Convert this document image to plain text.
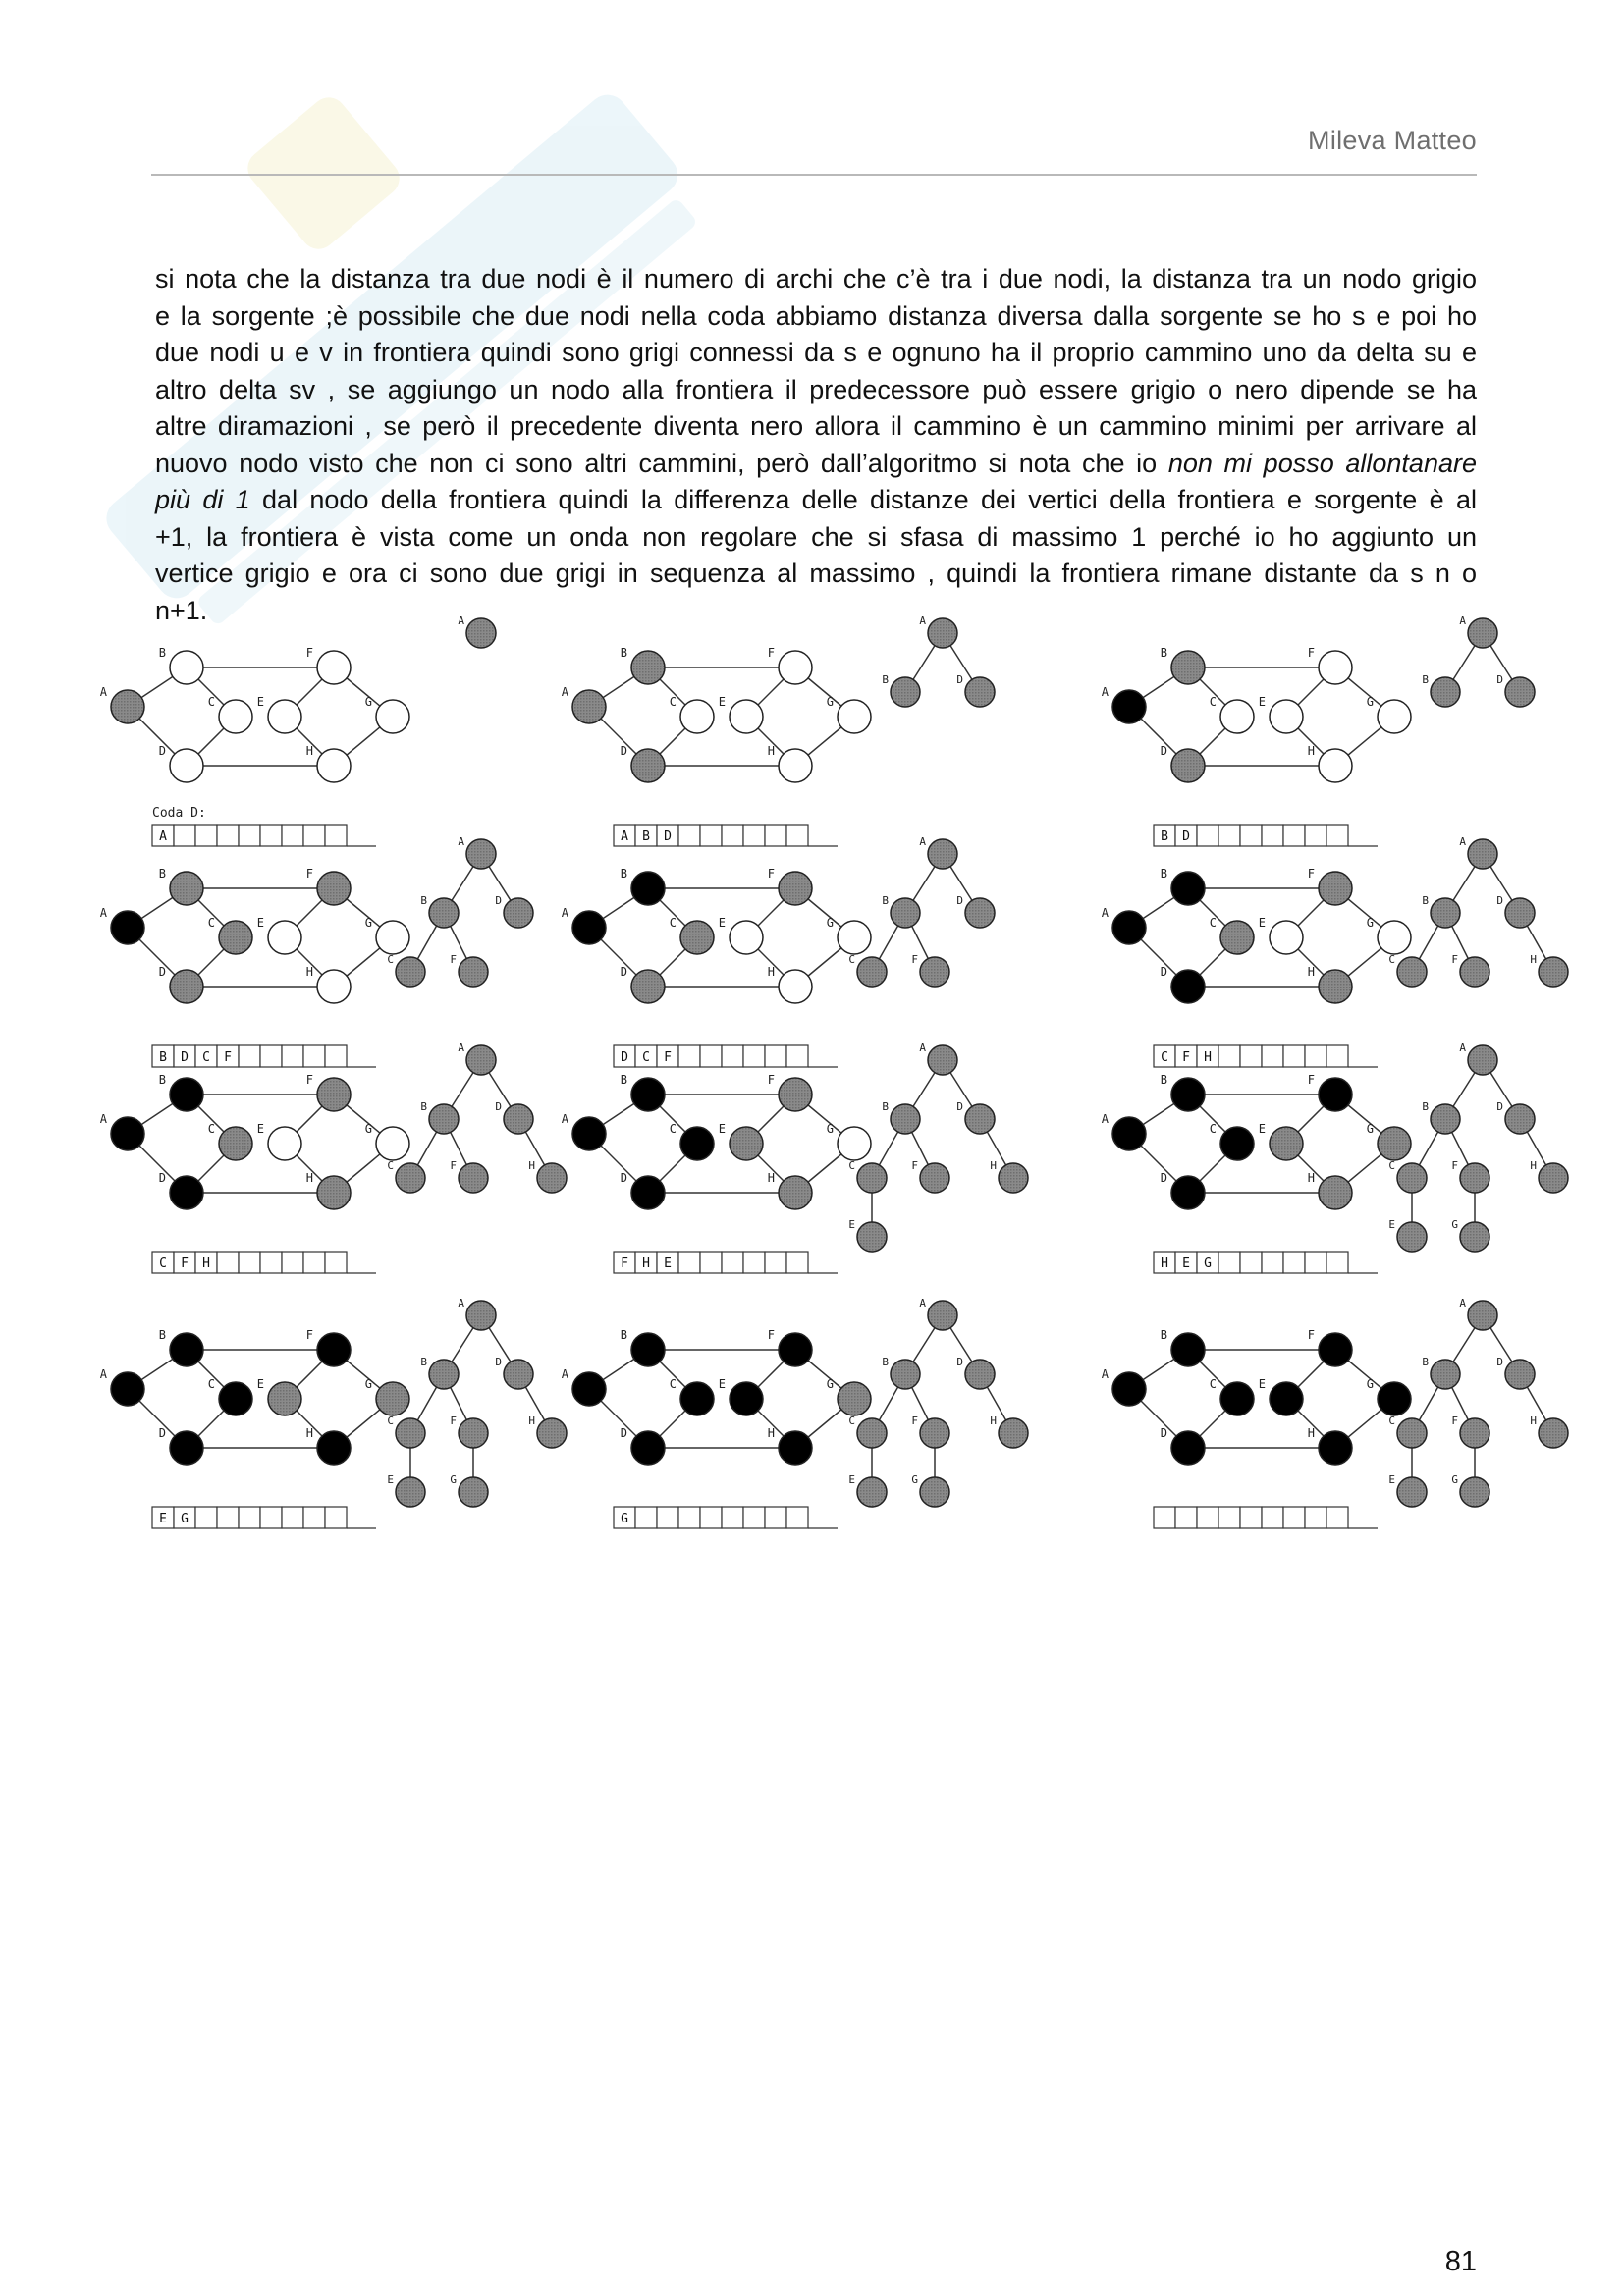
Mileva Matteo
si nota che la distanza tra due nodi è il numero di archi che c’è tra i due nodi, la distanza tra un nodo grigio
e la sorgente ;è possibile che due nodi nella coda abbiamo distanza diversa dalla sorgente se ho s e poi ho
due nodi u e v in frontiera quindi sono grigi connessi da s e ognuno ha il proprio cammino uno da delta su e
altro delta sv , se aggiungo un nodo alla frontiera il predecessore può essere grigio o nero dipende se ha
altre diramazioni , se però il precedente diventa nero allora il cammino è un cammino minimi per arrivare al
nuovo nodo visto che non ci sono altri cammini, però dall’algoritmo si nota che io non mi posso allontanare
più di 1 dal nodo della frontiera quindi la differenza delle distanze dei vertici della frontiera e sorgente è al
+1, la frontiera è vista come un onda non regolare che si sfasa di massimo 1 perché io ho aggiunto un
vertice grigio e ora ci sono due grigi in sequenza al massimo , quindi la frontiera rimane distante da s n o
n+1.
A
B
C
D
E
F
G
H
A
Coda D:
A
A
B
C
D
E
F
G
H
A
B	D
A B D
A
B
C
D
E
F
G
H
A
B	D
B D
A
B
C
D
E
F
G
H
A
B	D
C	F
B D C F
A
B
C
D
E
F
G
H
A
B	D
C	F
D C F
A
B
C
D
E
F
G
H
A
B	D
C	F	H
C F H
A
B
C
D
E
F
G
H
A
B	D
C	F	H
C F H
A
B
C
D
E
F
G
H
A
B	D
C	F	H
E
F H E
A
B
C
D
E
F
G
H
A
B	D
C	F	H
E	G
H E G
A
B
C
D
E
F
G
H
A
B	D
C	F	H
E	G
E G
A
B
C
D
E
F
G
H
A
B	D
C	F	H
E	G
G
A
B
C
D
E
F
G
H
A
B	D
C	F	H
E	G
81
